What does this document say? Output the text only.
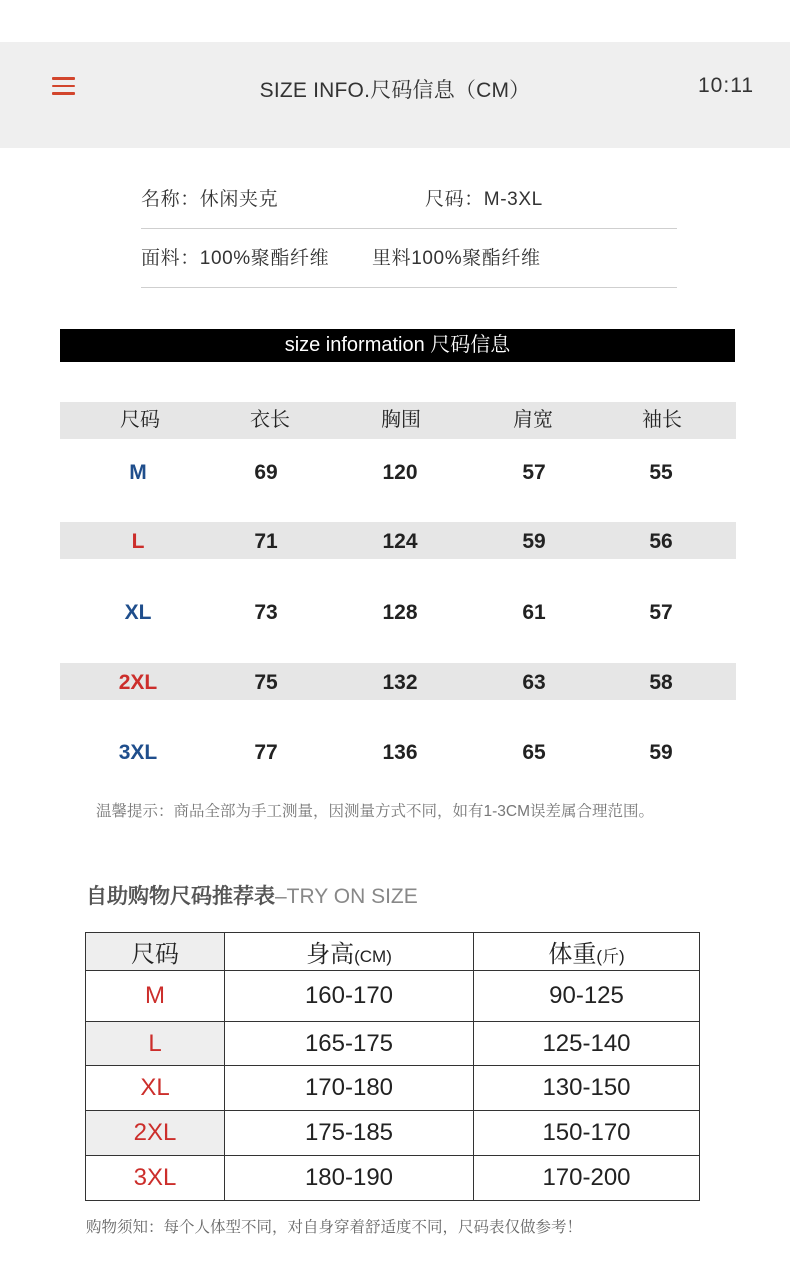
SIZE INFO.尺码信息（CM）	10:11
名称：休闲夹克	尺码：M-3XL
面料：100%聚酯纤维 里料100%聚酯纤维
size information 尺码信息
尺码	衣长	胸围	肩宽	袖长
M	69	120	57	55
L	71	124	59	56
XL	73	128	61	57
2XL	75	132	63	58
3XL	77	136	65	59
温馨提示：商品全部为手工测量，因测量方式不同，如有1-3CM误差属合理范围。
自助购物尺码推荐表–TRY ON SIZE
尺码	身高(CM)	体重(斤)
M	160-170	90-125
L	165-175	125-140
XL	170-180	130-150
2XL	175-185	150-170
3XL	180-190	170-200
购物须知：每个人体型不同，对自身穿着舒适度不同，尺码表仅做参考！
